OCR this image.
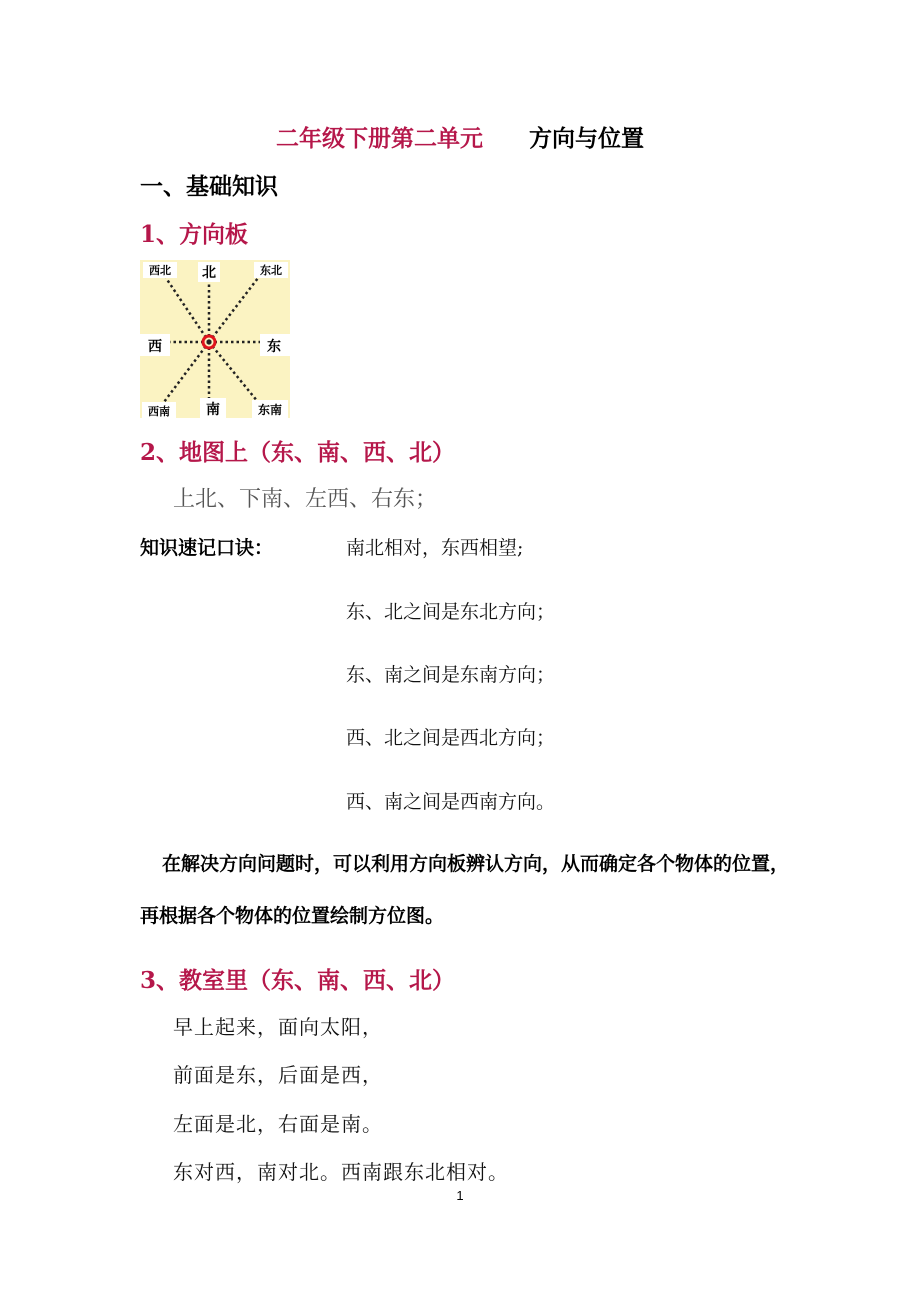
二年级下册第二单元 方向与位置
一、基础知识
1、方向板
北
西北	东北
西	东
南
西南	东南
2、地图上（东、南、西、北）
上北、下南、左西、右东；
知识速记口诀：	南北相对，东西相望;
东、北之间是东北方向；
东、南之间是东南方向；
西、北之间是西北方向；
西、南之间是西南方向。
在解决方向问题时，可以利用方向板辨认方向，从而确定各个物体的位置，再根据各个物体的位置绘制方位图。
3、教室里（东、南、西、北）
早上起来，面向太阳，
前面是东，后面是西，
左面是北，右面是南。
东对西，南对北。西南跟东北相对。
1
